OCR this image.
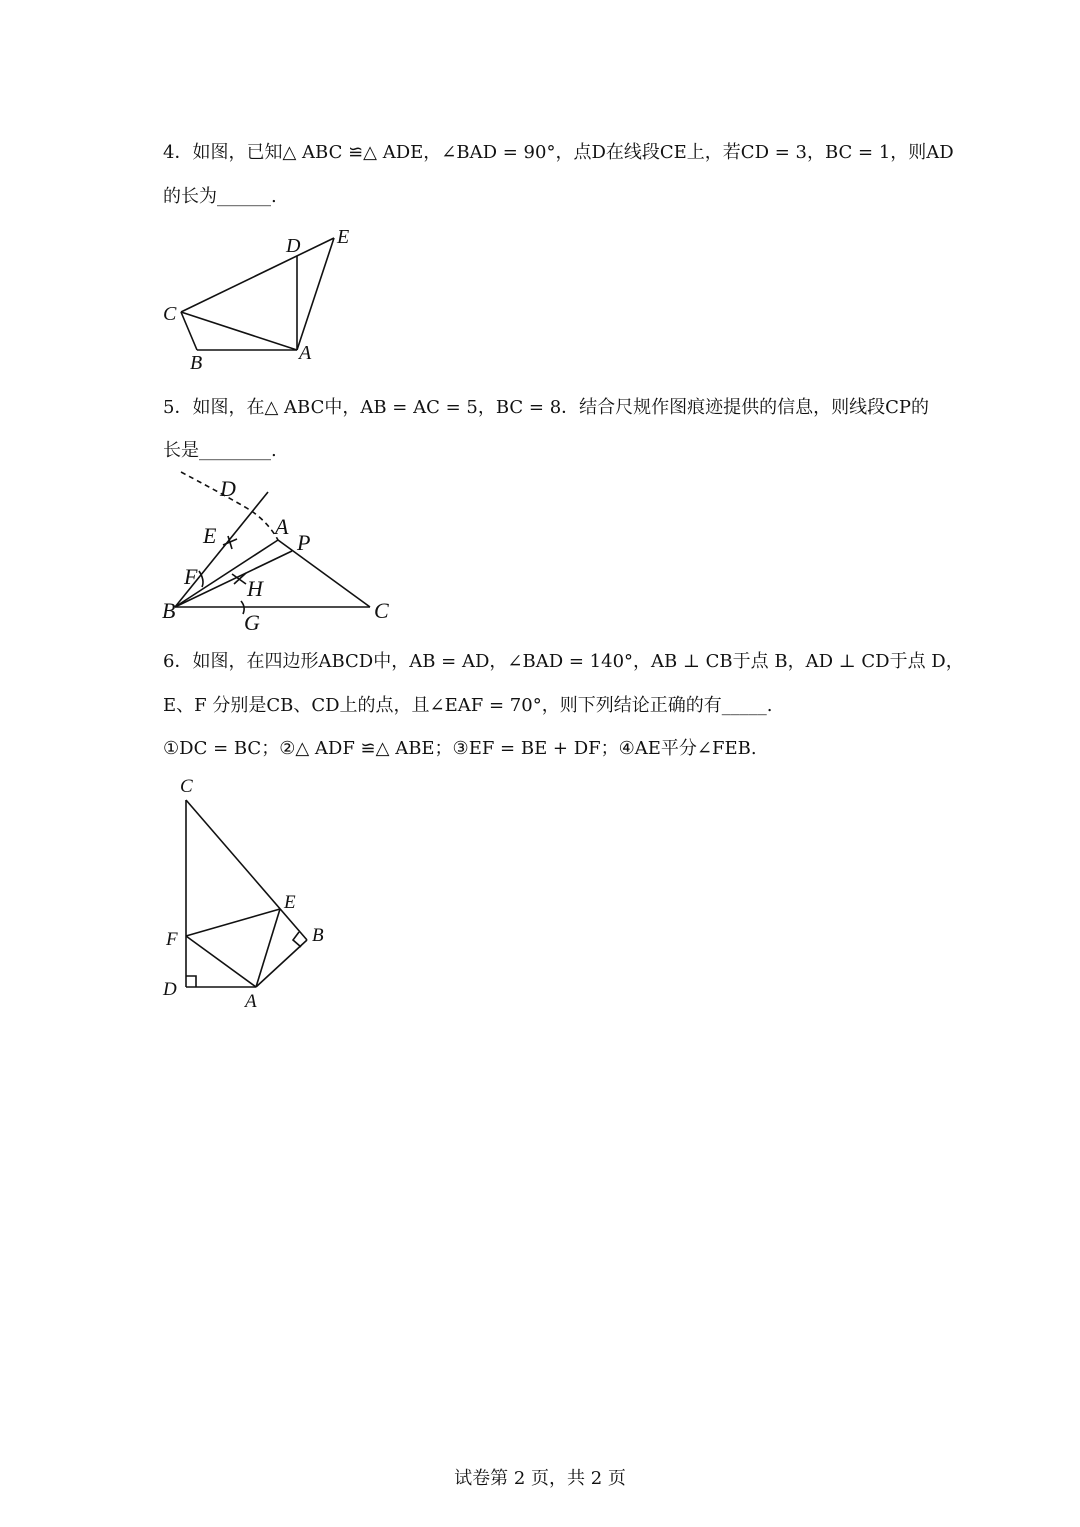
4．如图，已知△ ABC ≌△ ADE，∠BAD = 90°，点D在线段CE上，若CD = 3，BC = 1，则AD
的长为______.
C
B	A
D E
5．如图，在△ ABC中，AB = AC = 5，BC = 8．结合尺规作图痕迹提供的信息，则线段CP的
长是________.
D
E	A
P
F H
B	G	C
6．如图，在四边形ABCD中，AB = AD，∠BAD = 140°，AB ⊥ CB于点 B，AD ⊥ CD于点 D，
E、F 分别是CB、CD上的点，且∠EAF = 70°，则下列结论正确的有_____.
①DC = BC；②△ ADF ≌△ ABE；③EF = BE + DF；④AE平分∠FEB.
C
E
B
F
D
A
试卷第 2 页，共 2 页
